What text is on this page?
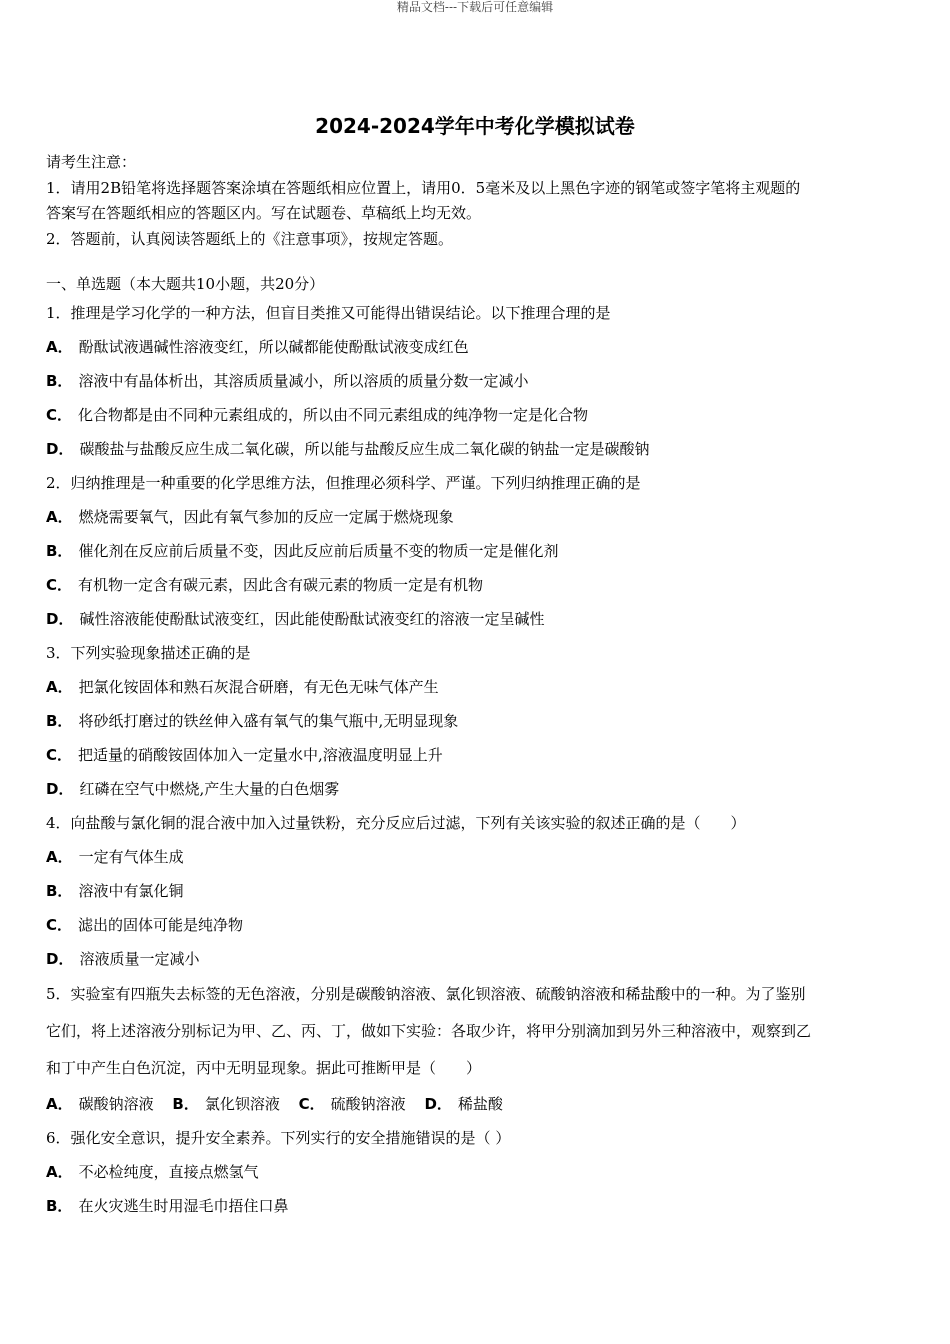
精品文档---下载后可任意编辑
2024-2024学年中考化学模拟试卷
请考生注意：
1．请用2B铅笔将选择题答案涂填在答题纸相应位置上，请用0．5毫米及以上黑色字迹的钢笔或签字笔将主观题的
答案写在答题纸相应的答题区内。写在试题卷、草稿纸上均无效。
2．答题前，认真阅读答题纸上的《注意事项》，按规定答题。
一、单选题（本大题共10小题，共20分）
1．推理是学习化学的一种方法，但盲目类推又可能得出错误结论。以下推理合理的是
A． 酚酞试液遇碱性溶液变红，所以碱都能使酚酞试液变成红色
B． 溶液中有晶体析出，其溶质质量减小，所以溶质的质量分数一定减小
C． 化合物都是由不同种元素组成的，所以由不同元素组成的纯净物一定是化合物
D． 碳酸盐与盐酸反应生成二氧化碳，所以能与盐酸反应生成二氧化碳的钠盐一定是碳酸钠
2．归纳推理是一种重要的化学思维方法，但推理必须科学、严谨。下列归纳推理正确的是
A． 燃烧需要氧气，因此有氧气参加的反应一定属于燃烧现象
B． 催化剂在反应前后质量不变，因此反应前后质量不变的物质一定是催化剂
C． 有机物一定含有碳元素，因此含有碳元素的物质一定是有机物
D． 碱性溶液能使酚酞试液变红，因此能使酚酞试液变红的溶液一定呈碱性
3．下列实验现象描述正确的是
A． 把氯化铵固体和熟石灰混合研磨，有无色无味气体产生
B． 将砂纸打磨过的铁丝伸入盛有氧气的集气瓶中,无明显现象
C． 把适量的硝酸铵固体加入一定量水中,溶液温度明显上升
D． 红磷在空气中燃烧,产生大量的白色烟雾
4．向盐酸与氯化铜的混合液中加入过量铁粉，充分反应后过滤，下列有关该实验的叙述正确的是（　　）
A． 一定有气体生成
B． 溶液中有氯化铜
C． 滤出的固体可能是纯净物
D． 溶液质量一定减小
5．实验室有四瓶失去标签的无色溶液，分别是碳酸钠溶液、氯化钡溶液、硫酸钠溶液和稀盐酸中的一种。为了鉴别
它们，将上述溶液分别标记为甲、乙、丙、丁，做如下实验：各取少许，将甲分别滴加到另外三种溶液中，观察到乙
和丁中产生白色沉淀，丙中无明显现象。据此可推断甲是（　　）
A． 碳酸钠溶液 B． 氯化钡溶液 C． 硫酸钠溶液 D． 稀盐酸
6．强化安全意识，提升安全素养。下列实行的安全措施错误的是（ ）
A． 不必检纯度，直接点燃氢气
B． 在火灾逃生时用湿毛巾捂住口鼻
